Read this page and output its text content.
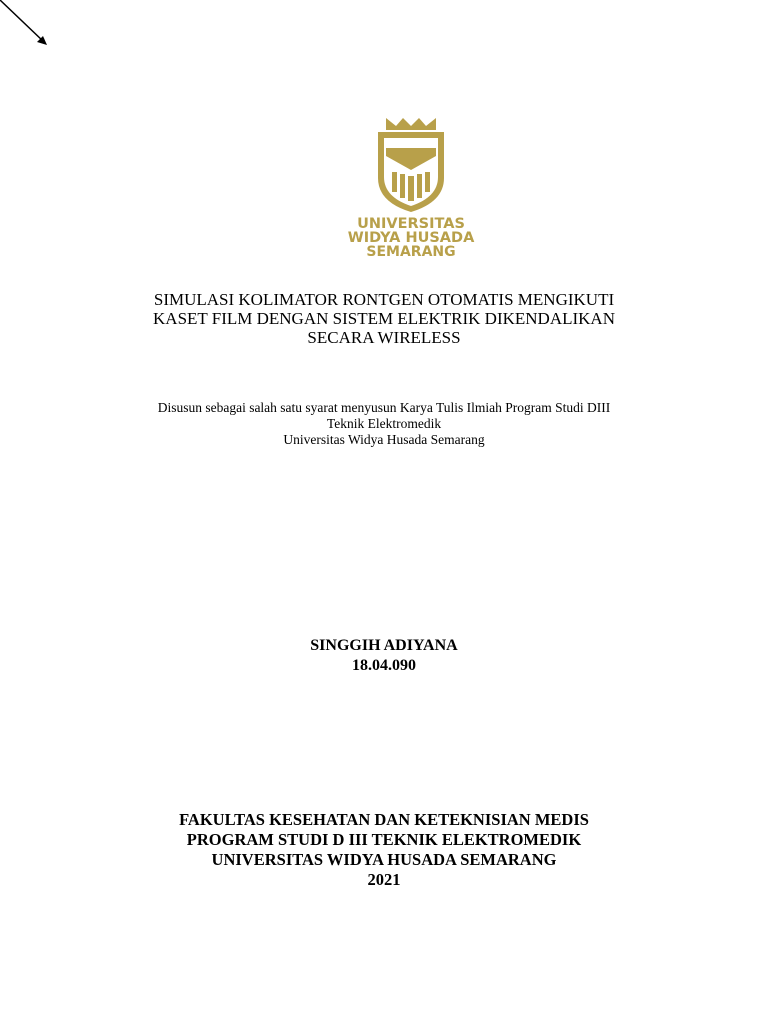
UNIVERSITAS
WIDYA HUSADA
SEMARANG
SIMULASI KOLIMATOR RONTGEN OTOMATIS MENGIKUTI
KASET FILM DENGAN SISTEM ELEKTRIK DIKENDALIKAN
SECARA WIRELESS
Disusun sebagai salah satu syarat menyusun Karya Tulis Ilmiah Program Studi DIII
Teknik Elektromedik
Universitas Widya Husada Semarang
SINGGIH ADIYANA
18.04.090
FAKULTAS KESEHATAN DAN KETEKNISIAN MEDIS
PROGRAM STUDI D III TEKNIK ELEKTROMEDIK
UNIVERSITAS WIDYA HUSADA SEMARANG
2021
